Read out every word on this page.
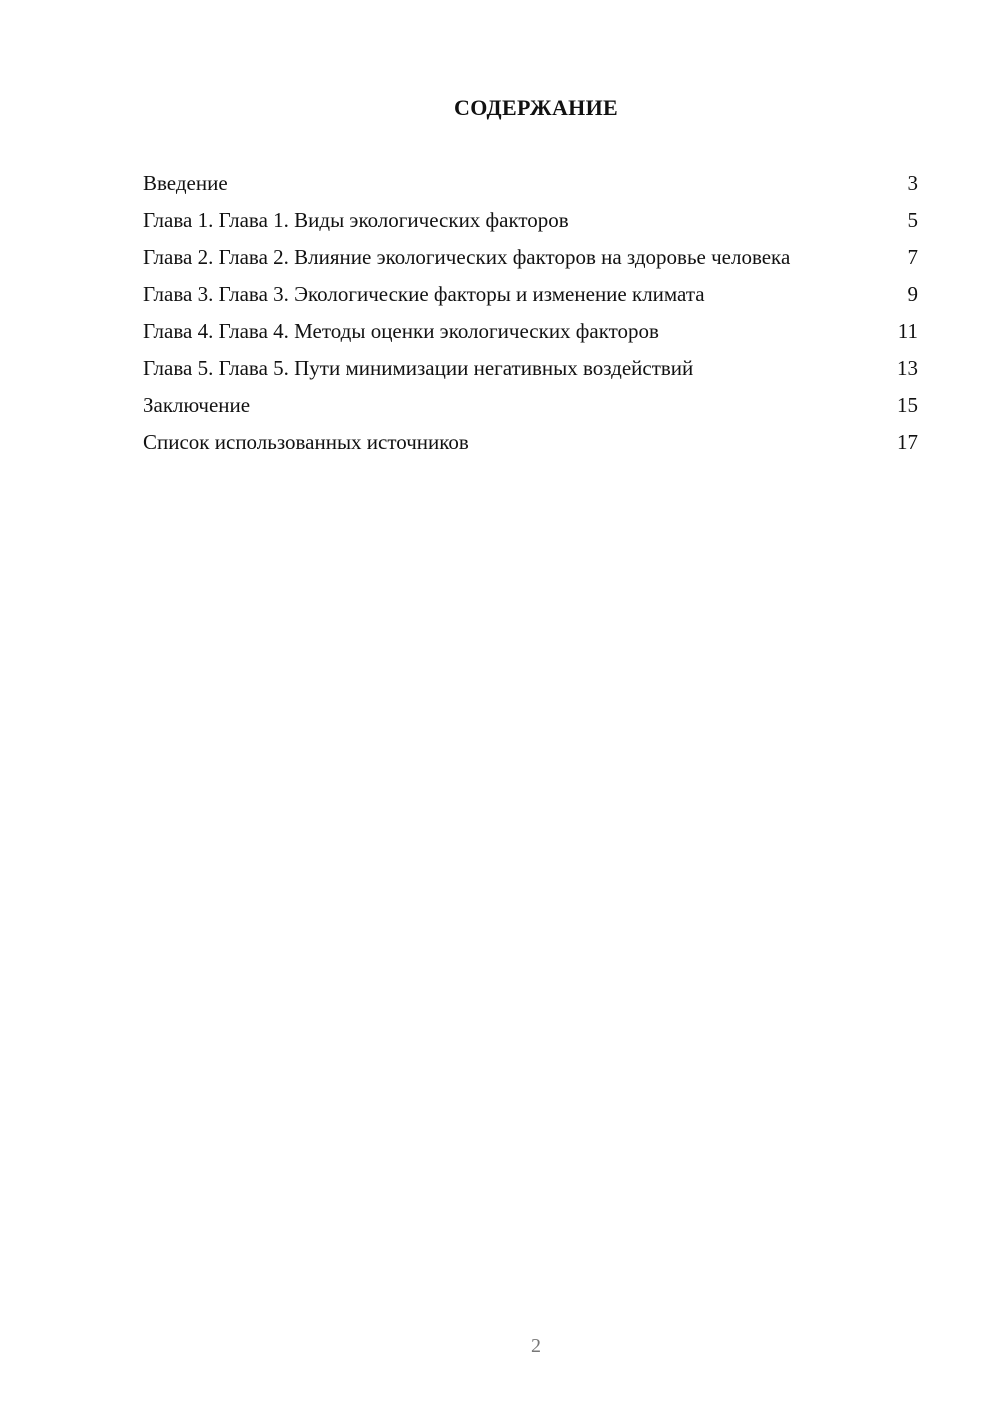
СОДЕРЖАНИЕ
Введение	3
Глава 1. Глава 1. Виды экологических факторов	5
Глава 2. Глава 2. Влияние экологических факторов на здоровье человека	7
Глава 3. Глава 3. Экологические факторы и изменение климата	9
Глава 4. Глава 4. Методы оценки экологических факторов	11
Глава 5. Глава 5. Пути минимизации негативных воздействий	13
Заключение	15
Список использованных источников	17
2
